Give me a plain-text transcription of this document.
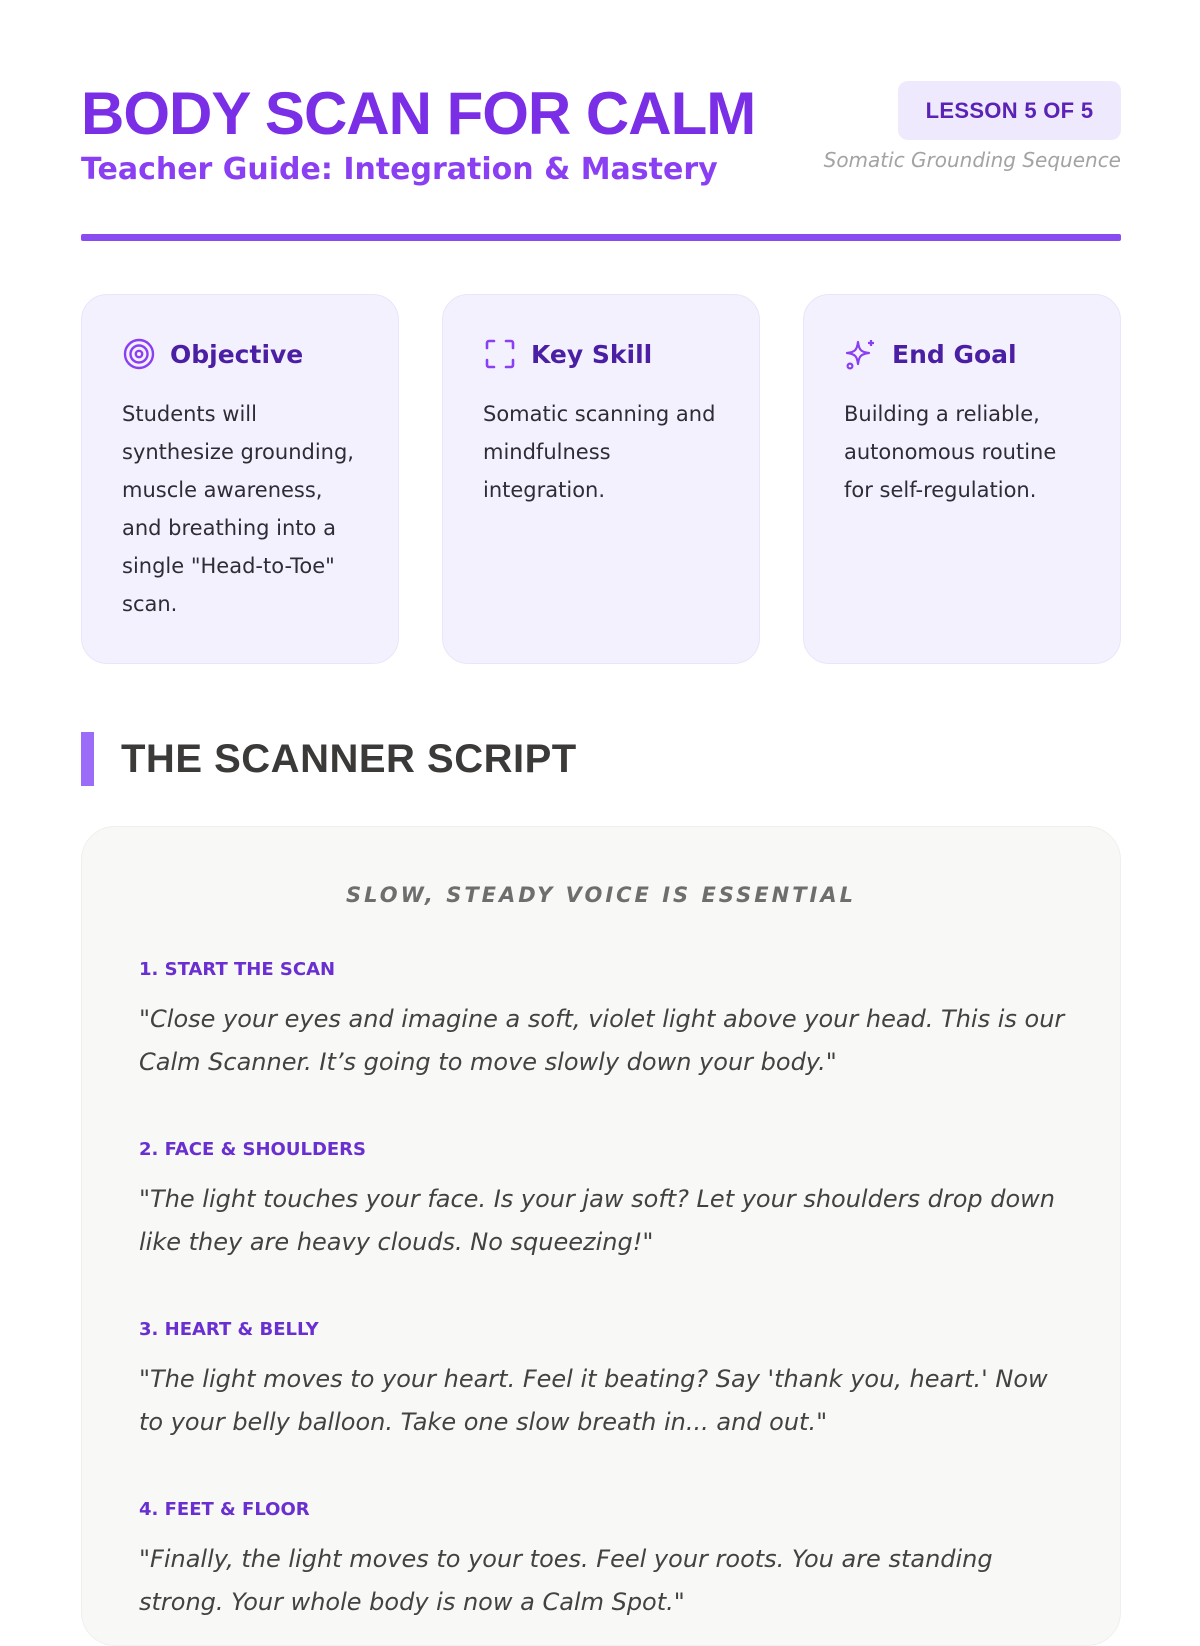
BODY SCAN FOR CALM
Teacher Guide: Integration & Mastery
LESSON 5 OF 5
Somatic Grounding Sequence
Objective

Students will synthesize grounding, muscle awareness, and breathing into a single "Head-to-Toe" scan.

Key Skill

Somatic scanning and mindfulness integration.

End Goal

Building a reliable, autonomous routine for self-regulation.

THE SCANNER SCRIPT
SLOW, STEADY VOICE IS ESSENTIAL

1. START THE SCAN

"Close your eyes and imagine a soft, violet light above your head. This is our Calm Scanner. It’s going to move slowly down your body."

2. FACE & SHOULDERS

"The light touches your face. Is your jaw soft? Let your shoulders drop down like they are heavy clouds. No squeezing!"

3. HEART & BELLY

"The light moves to your heart. Feel it beating? Say 'thank you, heart.' Now to your belly balloon. Take one slow breath in... and out."

4. FEET & FLOOR

"Finally, the light moves to your toes. Feel your roots. You are standing strong. Your whole body is now a Calm Spot."
